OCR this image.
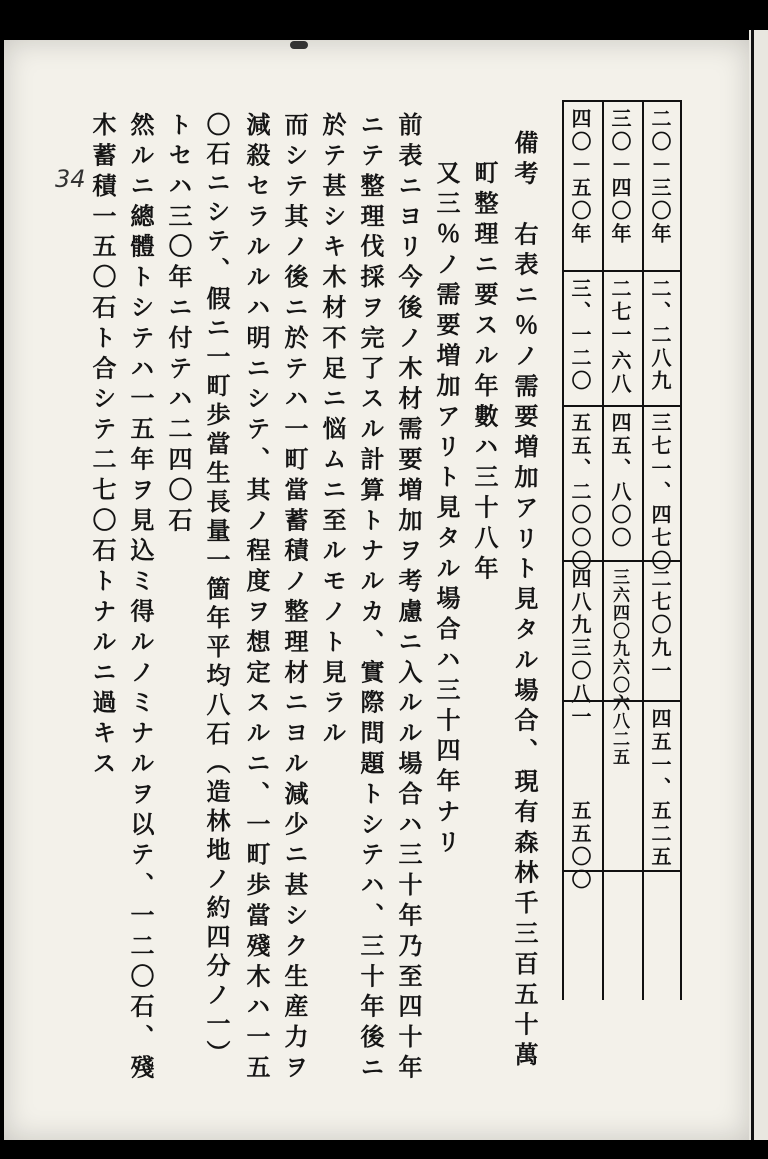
二〇－三〇年
二、二八九
三七一、四七〇
二七〇九一
四五一、五二五
三〇－四〇年
二七一
六八
四五、八〇〇
三六四〇九六〇六八二五
四〇－五〇年
三、一二〇
五五、二〇〇〇
四八九三〇八一
五五〇〇
備考　右表ニ％ノ需要増加アリト見タル場合、現有森林千三百五十萬
町整理ニ要スル年數ハ三十八年
又三％ノ需要増加アリト見タル場合ハ三十四年ナリ
前表ニヨリ今後ノ木材需要増加ヲ考慮ニ入ルル場合ハ三十年乃至四十年
ニテ整理伐採ヲ完了スル計算トナルカ、實際問題トシテハ、三十年後ニ
於テ甚シキ木材不足ニ悩ムニ至ルモノト見ラル
而シテ其ノ後ニ於テハ一町當蓄積ノ整理材ニヨル減少ニ甚シク生産力ヲ
減殺セラルルハ明ニシテ、其ノ程度ヲ想定スルニ、一町歩當殘木ハ一五
〇石ニシテ、假ニ一町歩當生長量一箇年平均八石（造林地ノ約四分ノ一）
トセハ三〇年ニ付テハ二四〇石
然ルニ總體トシテハ一五年ヲ見込ミ得ルノミナルヲ以テ、一二〇石、殘
木蓄積一五〇石ト合シテ二七〇石トナルニ過キス
34
